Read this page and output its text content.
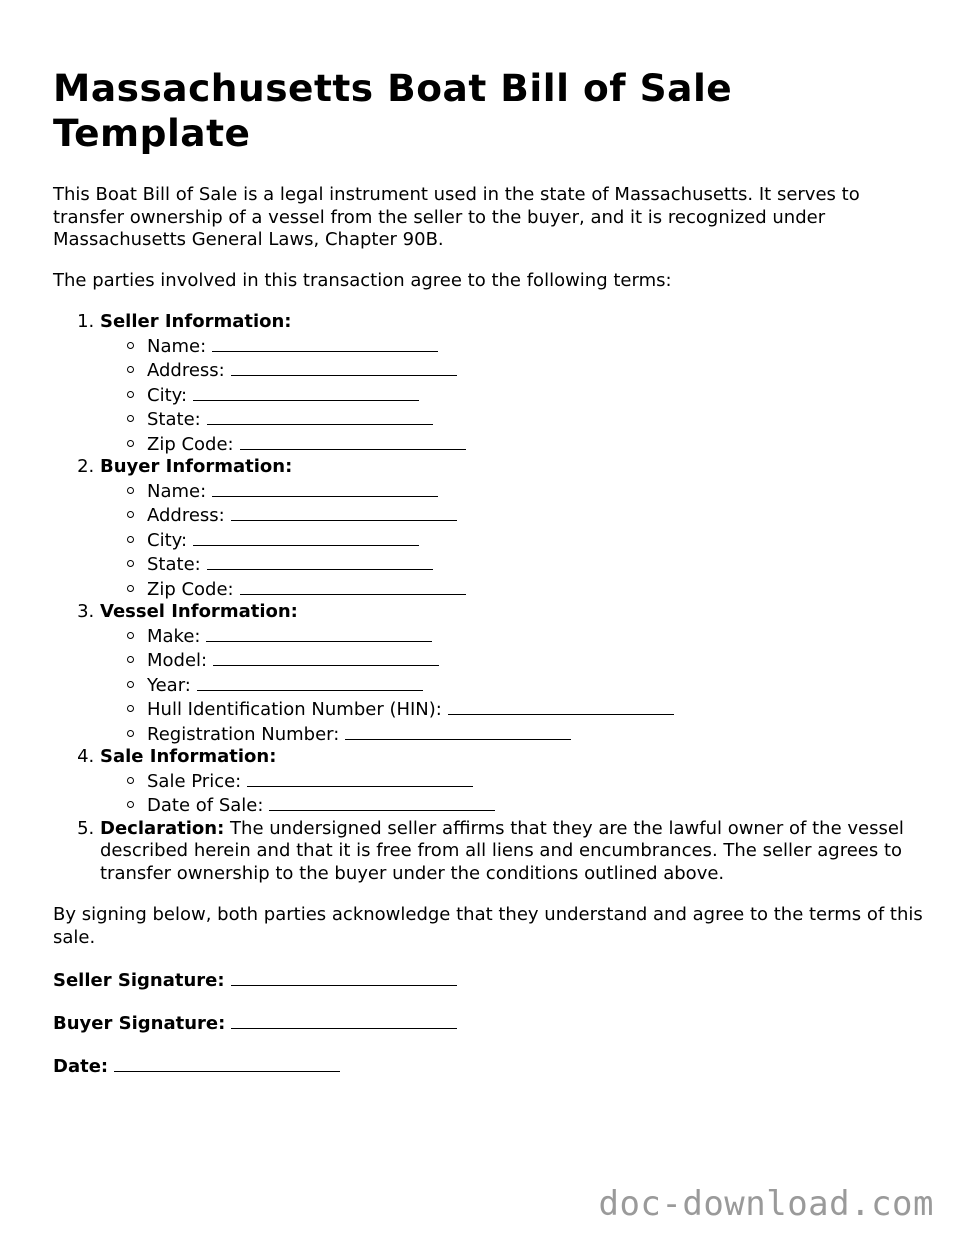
Massachusetts Boat Bill of Sale Template

This Boat Bill of Sale is a legal instrument used in the state of Massachusetts. It serves to transfer ownership of a vessel from the seller to the buyer, and it is recognized under Massachusetts General Laws, Chapter 90B.

The parties involved in this transaction agree to the following terms:

1. Seller Information:
Name:
Address:
City:
State:
Zip Code:
2. Buyer Information:
Name:
Address:
City:
State:
Zip Code:
3. Vessel Information:
Make:
Model:
Year:
Hull Identification Number (HIN):
Registration Number:
4. Sale Information:
Sale Price:
Date of Sale:
5. Declaration: The undersigned seller affirms that they are the lawful owner of the vessel described herein and that it is free from all liens and encumbrances. The seller agrees to transfer ownership to the buyer under the conditions outlined above.

By signing below, both parties acknowledge that they understand and agree to the terms of this sale.

Seller Signature:
Buyer Signature:
Date:
doc-download.com
